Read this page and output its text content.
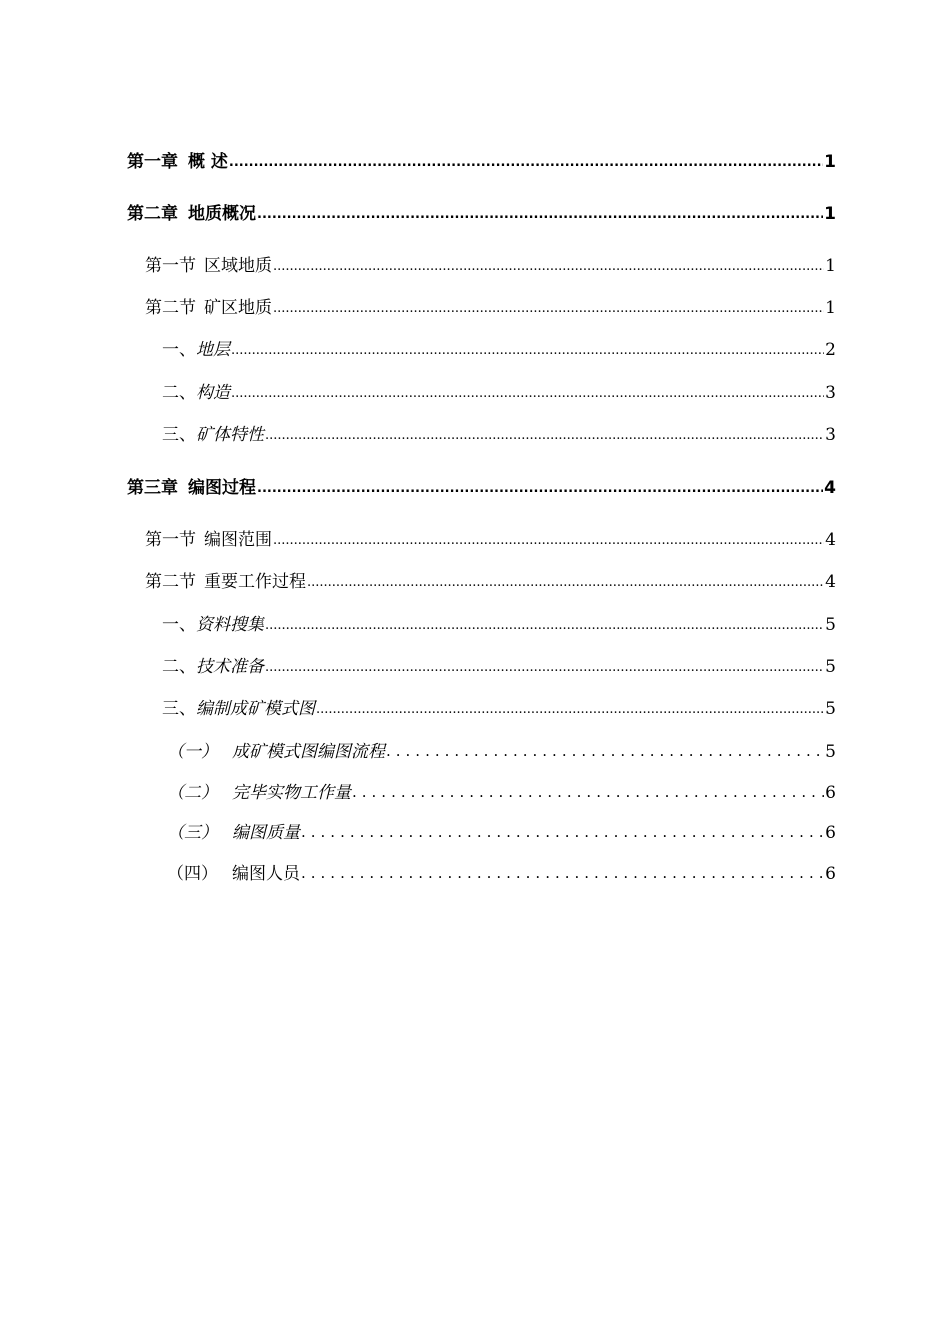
第一章 概 述 .....	1
第二章 地质概况 .....	1
第一节 区域地质 .....	1
第二节 矿区地质 .....	1
一、地层 .....	2
二、构造 .....	3
三、矿体特性 .....	3
第三章 编图过程 .....	4
第一节 编图范围 .....	4
第二节 重要工作过程 .....	4
一、资料搜集 .....	5
二、技术准备 .....	5
三、编制成矿模式图 .....	5
（一） 成矿模式图编图流程 .....	5
（二） 完毕实物工作量 .....	6
（三） 编图质量 .....	6
（四） 编图人员 .....	6
